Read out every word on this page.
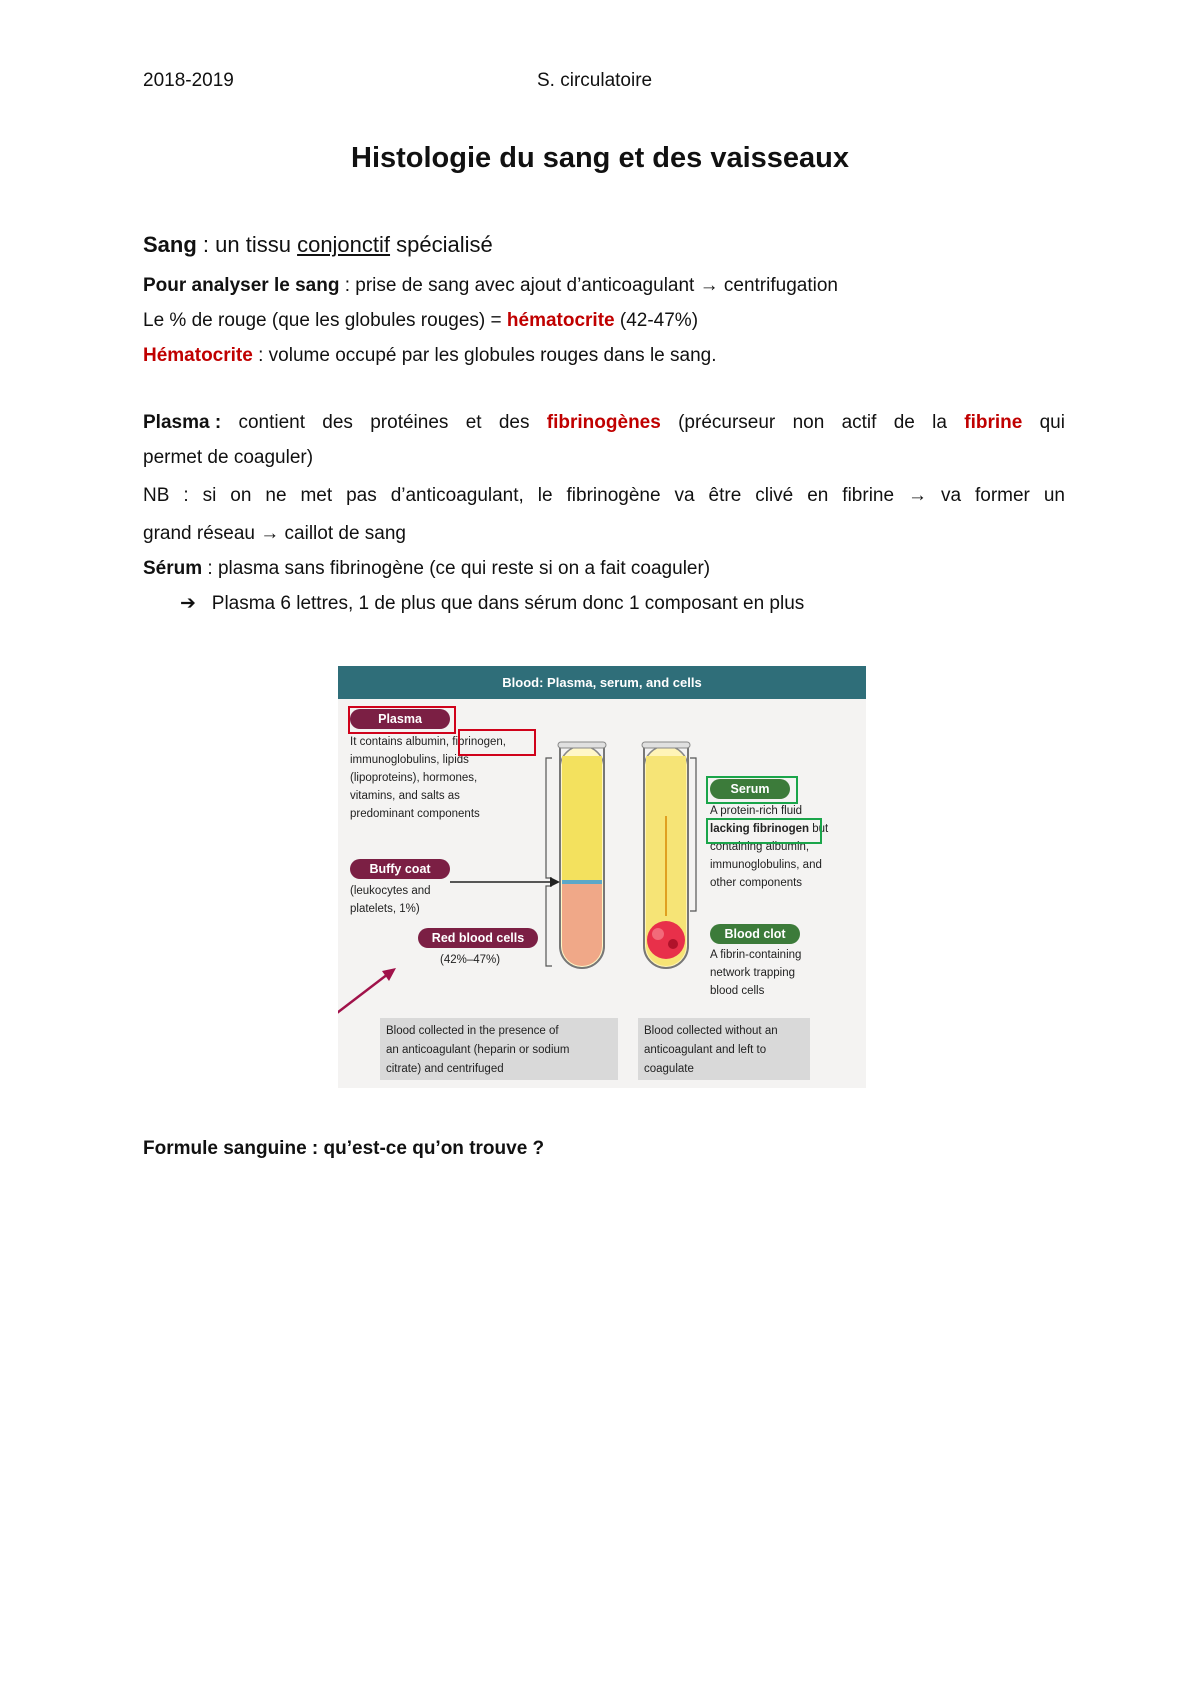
2018-2019	S. circulatoire
Histologie du sang et des vaisseaux
Sang : un tissu conjonctif spécialisé
Pour analyser le sang : prise de sang avec ajout d’anticoagulant → centrifugation
Le % de rouge (que les globules rouges) = hématocrite (42-47%)
Hématocrite : volume occupé par les globules rouges dans le sang.
Plasma : contient des protéines et des fibrinogènes (précurseur non actif de la fibrine qui
permet de coaguler)
NB : si on ne met pas d’anticoagulant, le fibrinogène va être clivé en fibrine → va former un
grand réseau → caillot de sang
Sérum : plasma sans fibrinogène (ce qui reste si on a fait coaguler)
➔ Plasma 6 lettres, 1 de plus que dans sérum donc 1 composant en plus
Blood: Plasma, serum, and cells
Plasma
It contains albumin, fibrinogen,
immunoglobulins, lipids
(lipoproteins), hormones,
vitamins, and salts as
predominant components
Buffy coat
(leukocytes and
platelets, 1%)
Red blood cells
(42%–47%)
Serum
A protein-rich fluid
lacking fibrinogen but
containing albumin,
immunoglobulins, and
other components
Blood clot
A fibrin-containing
network trapping
blood cells
Blood collected in the presence of
an anticoagulant (heparin or sodium
citrate) and centrifuged
Blood collected without an
anticoagulant and left to
coagulate
Formule sanguine : qu’est-ce qu’on trouve ?
